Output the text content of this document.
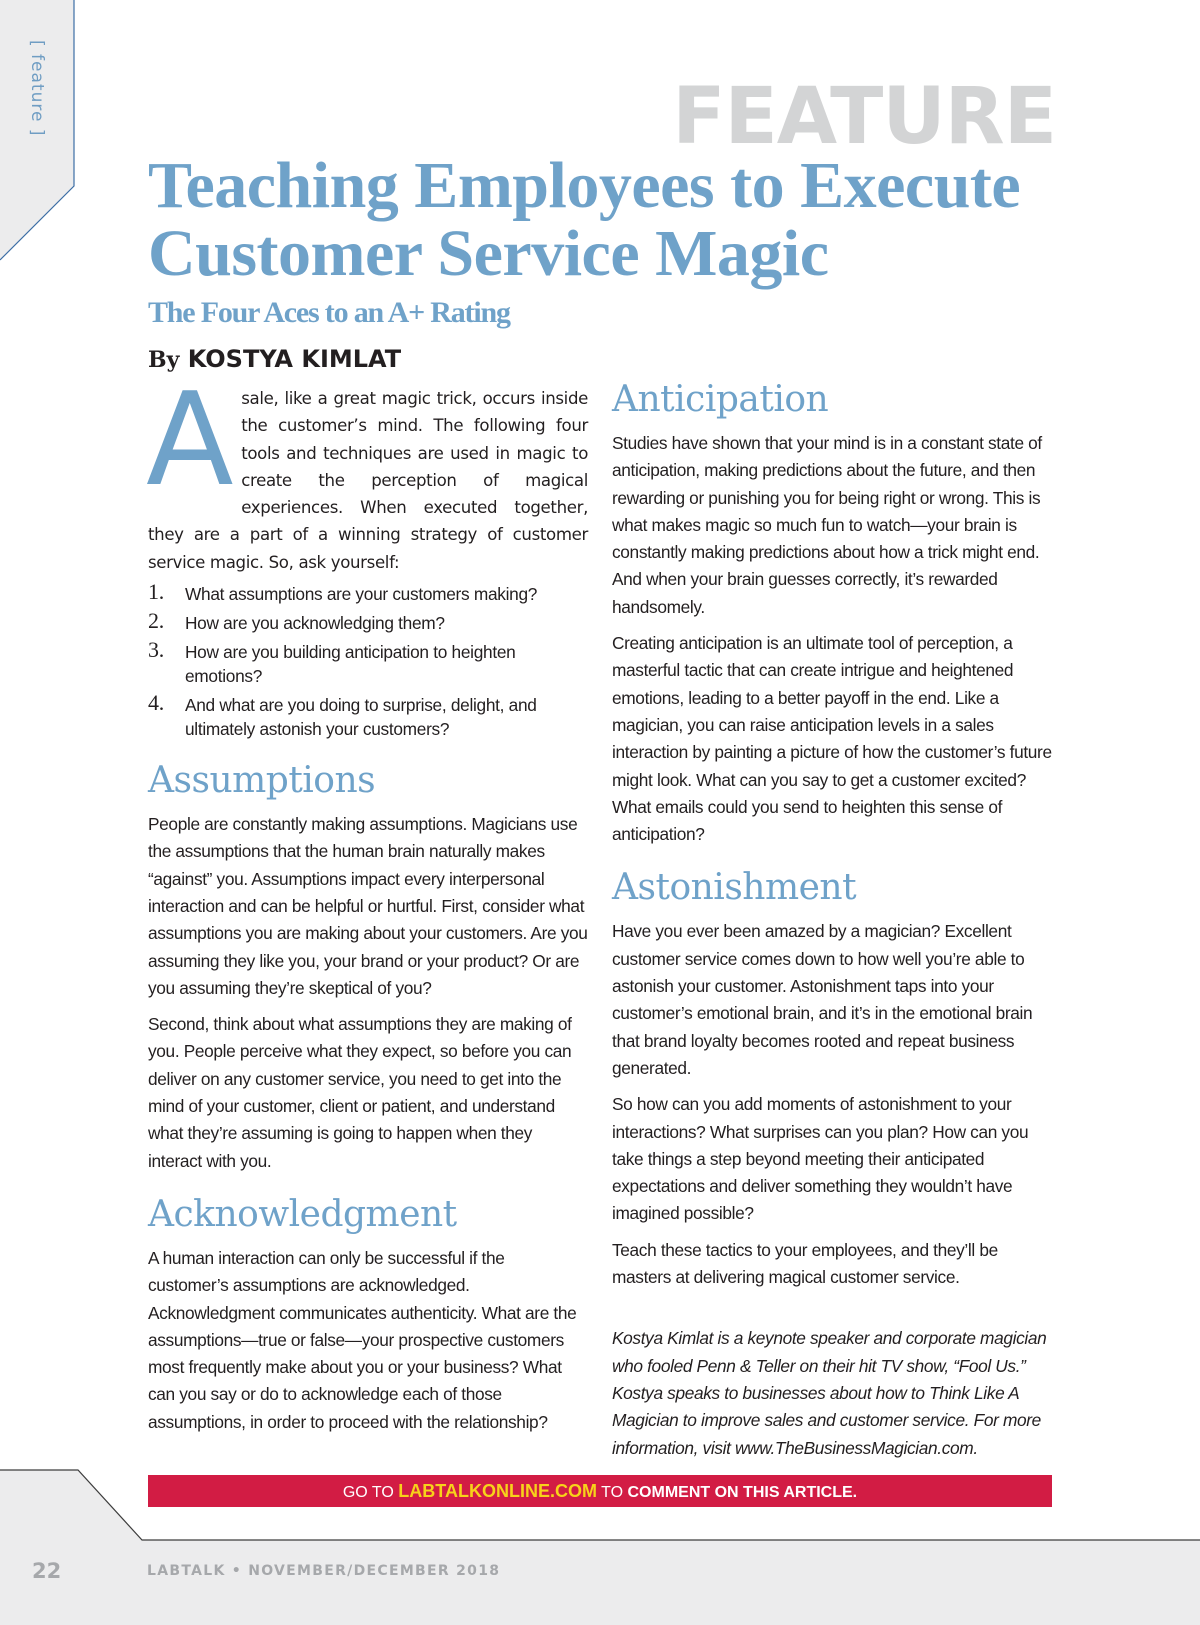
[ feature ]	FEATURE
Teaching Employees to Execute Customer Service Magic
The Four Aces to an A+ Rating
By KOSTYA KIMLAT

Asale, like a great magic trick, occurs inside the customer’s mind. The following four tools and techniques are used in magic to create the perception of magical experiences. When executed together, they are a part of a winning strategy of customer service magic. So, ask yourself:

1. What assumptions are your customers making?
2. How are you acknowledging them?
3. How are you building anticipation to heighten emotions?
4. And what are you doing to surprise, delight, and ultimately astonish your customers?
Assumptions

People are constantly making assumptions. Magicians use the assumptions that the human brain naturally makes “against” you. Assumptions impact every interpersonal interaction and can be helpful or hurtful. First, consider what assumptions you are making about your customers. Are you assuming they like you, your brand or your product? Or are you assuming they’re skeptical of you?

Second, think about what assumptions they are making of you. People perceive what they expect, so before you can deliver on any customer service, you need to get into the mind of your customer, client or patient, and understand what they’re assuming is going to happen when they interact with you.

Acknowledgment

A human interaction can only be successful if the customer’s assumptions are acknowledged. Acknowledgment communicates authenticity. What are the assumptions—true or false—your prospective customers most frequently make about you or your business? What can you say or do to acknowledge each of those assumptions, in order to proceed with the relationship?

Anticipation

Studies have shown that your mind is in a constant state of anticipation, making predictions about the future, and then rewarding or punishing you for being right or wrong. This is what makes magic so much fun to watch—your brain is constantly making predictions about how a trick might end. And when your brain guesses correctly, it’s rewarded handsomely.

Creating anticipation is an ultimate tool of perception, a masterful tactic that can create intrigue and heightened emotions, leading to a better payoff in the end. Like a magician, you can raise anticipation levels in a sales interaction by painting a picture of how the customer’s future might look. What can you say to get a customer excited? What emails could you send to heighten this sense of anticipation?

Astonishment

Have you ever been amazed by a magician? Excellent customer service comes down to how well you’re able to astonish your customer. Astonishment taps into your customer’s emotional brain, and it’s in the emotional brain that brand loyalty becomes rooted and repeat business generated.

So how can you add moments of astonishment to your interactions? What surprises can you plan? How can you take things a step beyond meeting their anticipated expectations and deliver something they wouldn’t have imagined possible?

Teach these tactics to your employees, and they’ll be masters at delivering magical customer service.

Kostya Kimlat is a keynote speaker and corporate magician who fooled Penn & Teller on their hit TV show, “Fool Us.” Kostya speaks to businesses about how to Think Like A Magician to improve sales and customer service. For more information, visit www.TheBusinessMagician.com.

GO TO LABTALKONLINE.COM TO COMMENT ON THIS ARTICLE.
22	LABTALK • NOVEMBER/DECEMBER 2018
